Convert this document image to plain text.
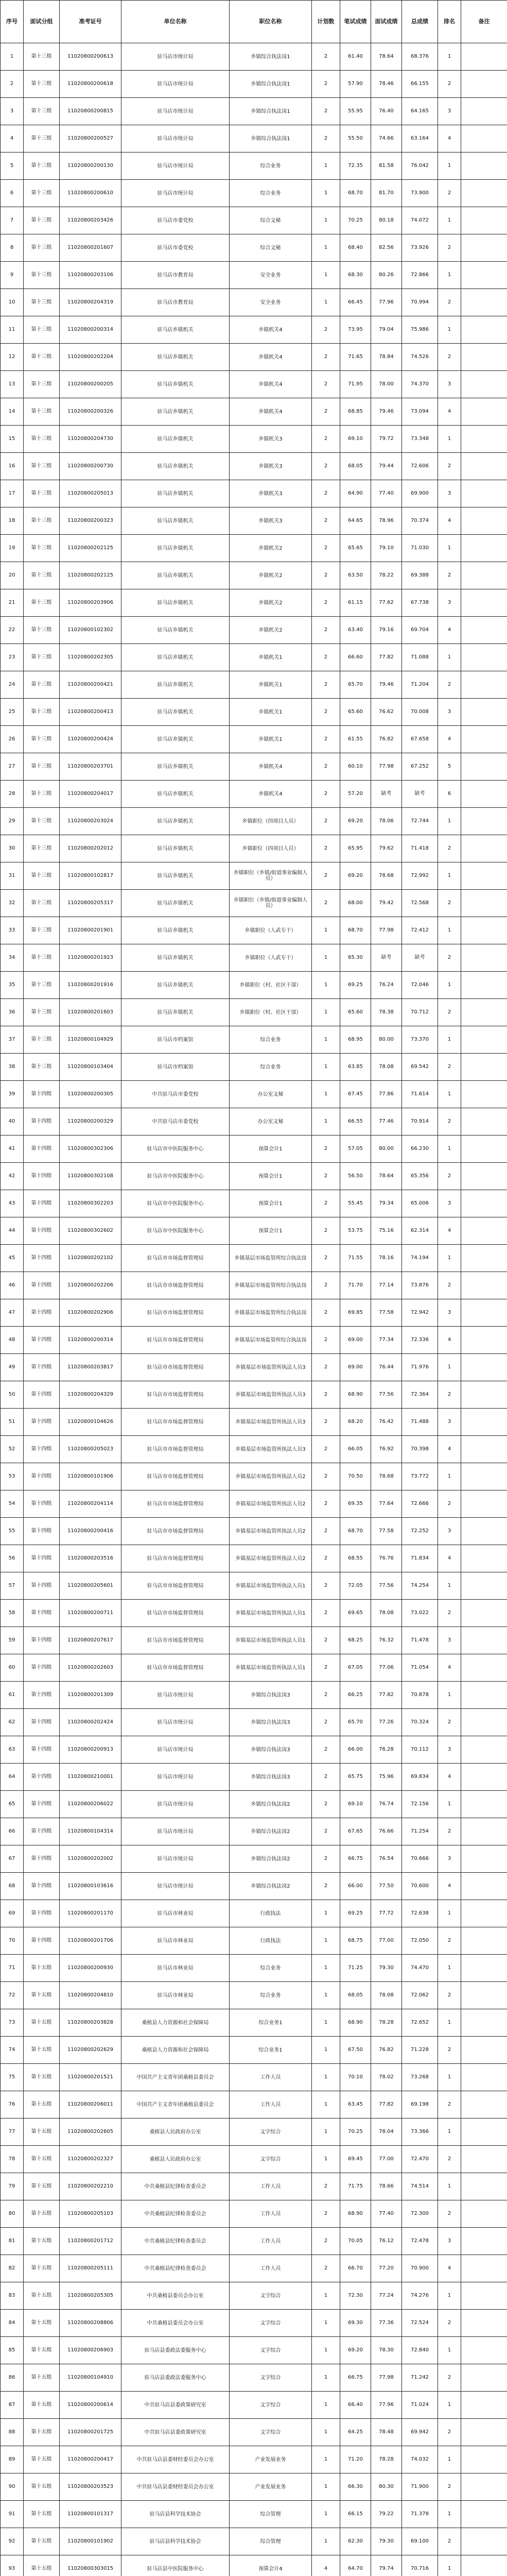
序号	面试分组	准考证号	单位名称	职位名称	计划数	笔试成绩	面试成绩	总成绩	排名	备注
1	第十三组	11020800200613	驻马店市统计局	乡镇综合执法岗1	2	61.40	78.64	68.376	1	
2	第十三组	11020800200618	驻马店市统计局	乡镇综合执法岗1	2	57.90	78.46	66.155	2	
3	第十三组	11020800200815	驻马店市统计局	乡镇综合执法岗1	2	55.95	76.40	64.165	3	
4	第十三组	11020800200527	驻马店市统计局	乡镇综合执法岗1	2	55.50	74.66	63.164	4	
5	第十三组	11020800200130	驻马店市统计局	综合业务	1	72.35	81.58	76.042	1	
6	第十三组	11020800200610	驻马店市统计局	综合业务	1	68.70	81.70	73.900	2	
7	第十三组	11020800203426	驻马店市委党校	综合文秘	1	70.25	80.18	74.072	1	
8	第十三组	11020800201607	驻马店市委党校	综合文秘	1	68.40	82.56	73.926	2	
9	第十三组	11020800203106	驻马店市教育局	安全业务	1	68.30	80.26	72.866	1	
10	第十三组	11020800204319	驻马店市教育局	安全业务	1	66.45	77.96	70.994	2	
11	第十三组	11020800200314	驻马店乡镇机关	乡镇机关4	2	73.95	79.04	75.986	1	
12	第十三组	11020800202204	驻马店乡镇机关	乡镇机关4	2	71.65	78.84	74.526	2	
13	第十三组	11020800200205	驻马店乡镇机关	乡镇机关4	2	71.95	78.00	74.370	3	
14	第十三组	11020800200326	驻马店乡镇机关	乡镇机关4	2	68.85	79.46	73.094	4	
15	第十三组	11020800204730	驻马店乡镇机关	乡镇机关3	2	69.10	79.72	73.348	1	
16	第十三组	11020800200730	驻马店乡镇机关	乡镇机关3	2	68.05	79.44	72.606	2	
17	第十三组	11020800205013	驻马店乡镇机关	乡镇机关3	2	64.90	77.40	69.900	3	
18	第十三组	11020800200323	驻马店乡镇机关	乡镇机关3	2	64.65	78.96	70.374	4	
19	第十三组	11020800202125	驻马店乡镇机关	乡镇机关2	2	65.65	79.10	71.030	1	
20	第十三组	11020800202125	驻马店乡镇机关	乡镇机关2	2	63.50	78.22	69.388	2	
21	第十三组	11020800203906	驻马店乡镇机关	乡镇机关2	2	61.15	77.62	67.738	3	
22	第十三组	11020800102302	驻马店乡镇机关	乡镇机关2	2	63.40	79.16	69.704	4	
23	第十三组	11020800202305	驻马店乡镇机关	乡镇机关1	2	66.60	77.82	71.088	1	
24	第十三组	11020800200421	驻马店乡镇机关	乡镇机关1	2	65.70	79.46	71.204	2	
25	第十三组	11020800200413	驻马店乡镇机关	乡镇机关1	2	65.60	76.62	70.008	3	
26	第十三组	11020800200424	驻马店乡镇机关	乡镇机关1	2	61.55	76.82	67.658	4	
27	第十三组	11020800203701	驻马店乡镇机关	乡镇机关4	2	60.10	77.98	67.252	5	
28	第十三组	11020800204017	驻马店乡镇机关	乡镇机关4	2	57.20	缺考	缺考	6	
29	第十三组	11020800203024	驻马店乡镇机关	乡镇职位（四项目人员）	2	69.20	78.06	72.744	1	
30	第十三组	11020800202012	驻马店乡镇机关	乡镇职位（四项目人员）	2	65.95	79.62	71.418	2	
31	第十三组	11020800102817	驻马店乡镇机关	乡镇职位（乡镇/街道事业编制人员）	2	69.20	78.68	72.992	1	
32	第十三组	11020800205317	驻马店乡镇机关	乡镇职位（乡镇/街道事业编制人员）	2	68.00	79.42	72.568	2	
33	第十三组	11020800201901	驻马店乡镇机关	乡镇职位（人武专干）	1	68.70	77.98	72.412	1	
34	第十三组	11020800201923	驻马店乡镇机关	乡镇职位（人武专干）	1	65.30	缺考	缺考	2	
35	第十三组	11020800201916	驻马店乡镇机关	乡镇职位（村、社区干部）	1	69.25	76.24	72.046	1	
36	第十三组	11020800201603	驻马店乡镇机关	乡镇职位（村、社区干部）	1	65.60	78.38	70.712	2	
37	第十三组	11020800104929	驻马店市档案馆	综合业务	1	68.95	80.00	73.370	1	
38	第十三组	11020800103404	驻马店市档案馆	综合业务	1	63.85	78.08	69.542	2	
39	第十四组	11020800200305	中共驻马店市委党校	办公室文秘	1	67.45	77.86	71.614	1	
40	第十四组	11020800200329	中共驻马店市委党校	办公室文秘	1	66.55	77.46	70.914	2	
41	第十四组	11020800302306	驻马店市中医院服务中心	预算会计1	2	57.05	80.00	66.230	1	
42	第十四组	11020800302108	驻马店市中医院服务中心	预算会计1	2	56.50	78.64	65.356	2	
43	第十四组	11020800302203	驻马店市中医院服务中心	预算会计1	2	55.45	79.34	65.006	3	
44	第十四组	11020800302602	驻马店市中医院服务中心	预算会计1	2	53.75	75.16	62.314	4	
45	第十四组	11020800202102	驻马店市市场监督管理局	乡镇基层市场监管所综合执法岗	2	71.55	78.16	74.194	1	
46	第十四组	11020800202206	驻马店市市场监督管理局	乡镇基层市场监管所综合执法岗	2	71.70	77.14	73.876	2	
47	第十四组	11020800202906	驻马店市市场监督管理局	乡镇基层市场监管所综合执法岗	2	69.85	77.58	72.942	3	
48	第十四组	11020800200314	驻马店市市场监督管理局	乡镇基层市场监管所综合执法岗	2	69.00	77.34	72.336	4	
49	第十四组	11020800203817	驻马店市市场监督管理局	乡镇基层市场监管所执法人员3	2	69.00	76.44	71.976	1	
50	第十四组	11020800204329	驻马店市市场监督管理局	乡镇基层市场监管所执法人员3	2	68.90	77.56	72.364	2	
51	第十四组	11020800104626	驻马店市市场监督管理局	乡镇基层市场监管所执法人员3	2	68.20	76.42	71.488	3	
52	第十四组	11020800205023	驻马店市市场监督管理局	乡镇基层市场监管所执法人员3	2	66.05	76.92	70.398	4	
53	第十四组	11020800101906	驻马店市市场监督管理局	乡镇基层市场监管所执法人员2	2	70.50	78.68	73.772	1	
54	第十四组	11020800204114	驻马店市市场监督管理局	乡镇基层市场监管所执法人员2	2	69.35	77.64	72.666	2	
55	第十四组	11020800200416	驻马店市市场监督管理局	乡镇基层市场监管所执法人员2	2	68.70	77.58	72.252	3	
56	第十四组	11020800203516	驻马店市市场监督管理局	乡镇基层市场监管所执法人员2	2	68.55	76.76	71.834	4	
57	第十四组	11020800205601	驻马店市市场监督管理局	乡镇基层市场监管所执法人员1	2	72.05	77.56	74.254	1	
58	第十四组	11020800200711	驻马店市市场监督管理局	乡镇基层市场监管所执法人员1	2	69.65	78.08	73.022	2	
59	第十四组	11020800207617	驻马店市市场监督管理局	乡镇基层市场监管所执法人员1	2	68.25	76.32	71.478	3	
60	第十四组	11020800202603	驻马店市市场监督管理局	乡镇基层市场监管所执法人员1	2	67.05	77.06	71.054	4	
61	第十四组	11020800201309	驻马店市统计局	乡镇综合执法岗3	2	66.25	77.82	70.878	1	
62	第十四组	11020800202424	驻马店市统计局	乡镇综合执法岗3	2	65.70	77.26	70.324	2	
63	第十四组	11020800200913	驻马店市统计局	乡镇综合执法岗3	2	66.00	76.28	70.112	3	
64	第十四组	11020800210001	驻马店市统计局	乡镇综合执法岗3	2	65.75	75.96	69.834	4	
65	第十四组	11020800206022	驻马店市统计局	乡镇综合执法岗2	2	69.10	76.74	72.156	1	
66	第十四组	11020800104314	驻马店市统计局	乡镇综合执法岗2	2	67.65	76.66	71.254	2	
67	第十四组	11020800202002	驻马店市统计局	乡镇综合执法岗2	2	66.75	76.54	70.666	3	
68	第十四组	11020800103616	驻马店市统计局	乡镇综合执法岗2	2	66.00	77.50	70.600	4	
69	第十四组	11020800201170	驻马店市林业局	行政执法	1	69.25	77.72	72.638	1	
70	第十四组	11020800201706	驻马店市林业局	行政执法	1	68.75	77.00	72.050	2	
71	第十五组	11020800200930	驻马店市林业局	综合业务	1	71.25	79.30	74.470	1	
72	第十五组	11020800204810	驻马店市林业局	综合业务	1	68.05	78.08	72.062	2	
73	第十五组	11020800203828	桑植县人力资源和社会保障局	综合业务1	1	68.90	78.28	72.652	1	
74	第十五组	11020800202629	桑植县人力资源和社会保障局	综合业务1	1	67.50	76.82	71.228	2	
75	第十五组	11020800201521	中国共产主义青年团桑植县委员会	工作人员	1	70.10	78.02	73.268	1	
76	第十五组	11020800206011	中国共产主义青年团桑植县委员会	工作人员	1	63.45	77.82	69.198	2	
77	第十五组	11020800202605	桑植县人民政府办公室	文字综合	1	70.25	78.04	73.366	1	
78	第十五组	11020800202327	桑植县人民政府办公室	文字综合	1	69.45	77.00	72.470	2	
79	第十五组	11020800202210	中共桑植县纪律检查委员会	工作人员	2	71.75	78.66	74.514	1	
80	第十五组	11020800205103	中共桑植县纪律检查委员会	工作人员	2	68.90	77.40	72.300	2	
81	第十五组	11020800201712	中共桑植县纪律检查委员会	工作人员	2	70.05	76.12	72.478	3	
82	第十五组	11020800205111	中共桑植县纪律检查委员会	工作人员	2	66.70	77.20	70.900	4	
83	第十五组	11020800205305	中共桑植县委员会办公室	文字综合	1	72.30	77.24	74.276	1	
84	第十五组	11020800208806	中共桑植县委员会办公室	文字综合	1	69.30	77.36	72.524	2	
85	第十五组	11020800206903	驻马店县委政法委服务中心	文字综合	1	69.20	78.30	72.840	1	
86	第十五组	11020800104910	驻马店县委政法委服务中心	文字综合	1	66.75	77.98	71.242	2	
87	第十五组	11020800200614	中共驻马店县委政策研究室	文字综合	1	66.40	77.96	71.024	1	
88	第十五组	11020800201725	中共驻马店县委政策研究室	文字综合	1	64.25	78.48	69.942	2	
89	第十五组	11020800200417	中共驻马店县委财经委员会办公室	产业发展业务	1	71.20	78.28	74.032	1	
90	第十五组	11020800203523	中共驻马店县委财经委员会办公室	产业发展业务	1	66.30	80.30	71.900	2	
91	第十五组	11020800101317	驻马店县科学技术协会	综合管理	1	66.15	79.22	71.378	1	
92	第十五组	11020800101902	驻马店县科学技术协会	综合管理	1	62.30	79.30	69.100	2	
93	第十五组	11020800303015	驻马店县中医院服务中心	预算会计4	4	64.70	79.74	70.716	1	
